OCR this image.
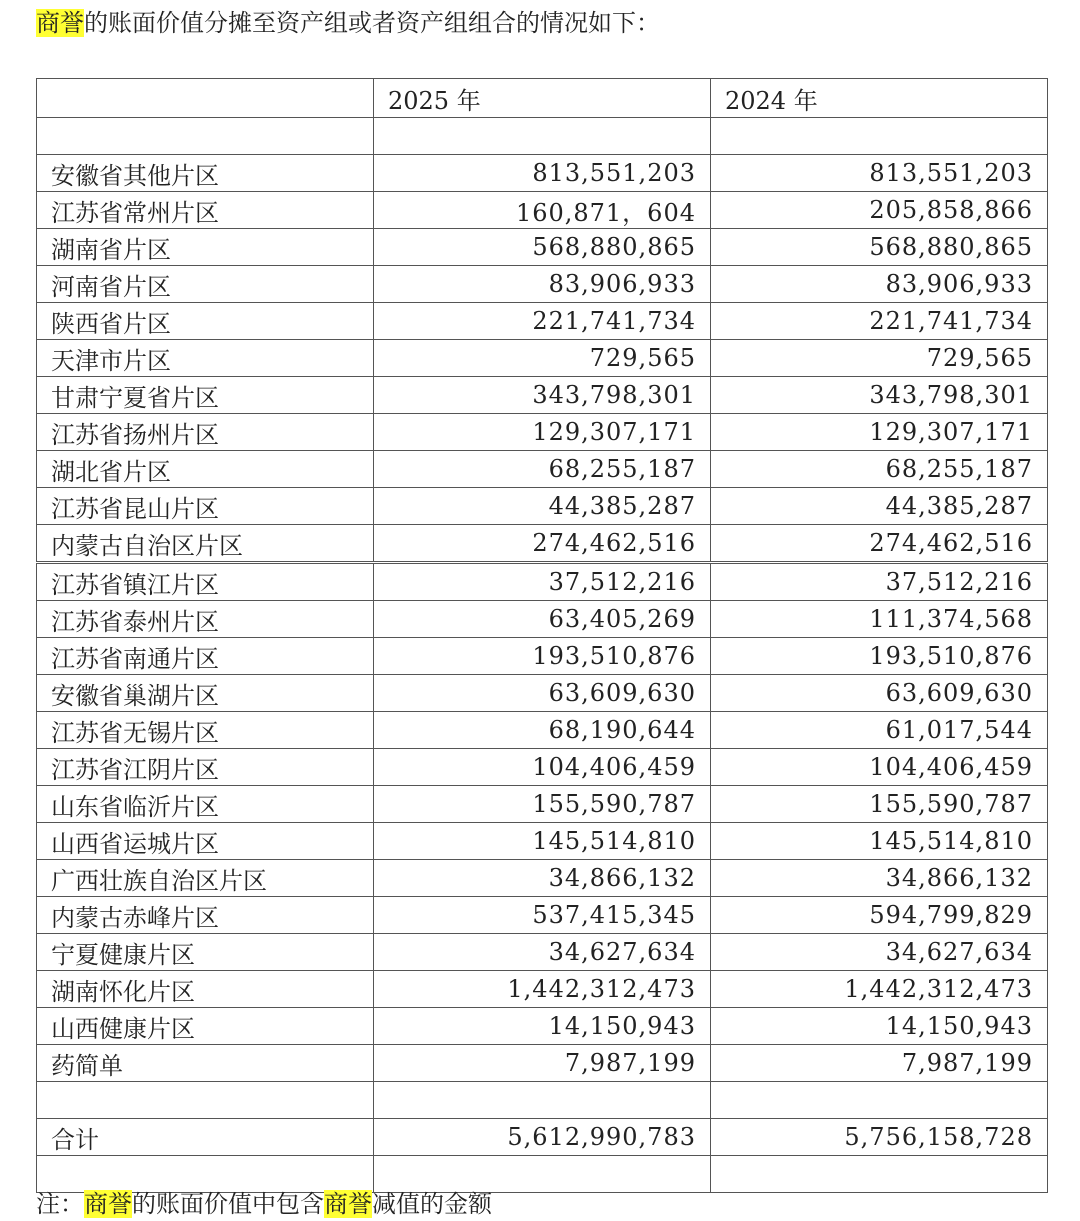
商誉的账面价值分摊至资产组或者资产组组合的情况如下：
	2025 年	2024 年

安徽省其他片区	813,551,203	813,551,203
江苏省常州片区	160,871，604	205,858,866
湖南省片区	568,880,865	568,880,865
河南省片区	83,906,933	83,906,933
陕西省片区	221,741,734	221,741,734
天津市片区	729,565	729,565
甘肃宁夏省片区	343,798,301	343,798,301
江苏省扬州片区	129,307,171	129,307,171
湖北省片区	68,255,187	68,255,187
江苏省昆山片区	44,385,287	44,385,287
内蒙古自治区片区	274,462,516	274,462,516
江苏省镇江片区	37,512,216	37,512,216
江苏省泰州片区	63,405,269	111,374,568
江苏省南通片区	193,510,876	193,510,876
安徽省巢湖片区	63,609,630	63,609,630
江苏省无锡片区	68,190,644	61,017,544
江苏省江阴片区	104,406,459	104,406,459
山东省临沂片区	155,590,787	155,590,787
山西省运城片区	145,514,810	145,514,810
广西壮族自治区片区	34,866,132	34,866,132
内蒙古赤峰片区	537,415,345	594,799,829
宁夏健康片区	34,627,634	34,627,634
湖南怀化片区	1,442,312,473	1,442,312,473
山西健康片区	14,150,943	14,150,943
药简单	7,987,199	7,987,199

合计	5,612,990,783	5,756,158,728

注：商誉的账面价值中包含商誉减值的金额
